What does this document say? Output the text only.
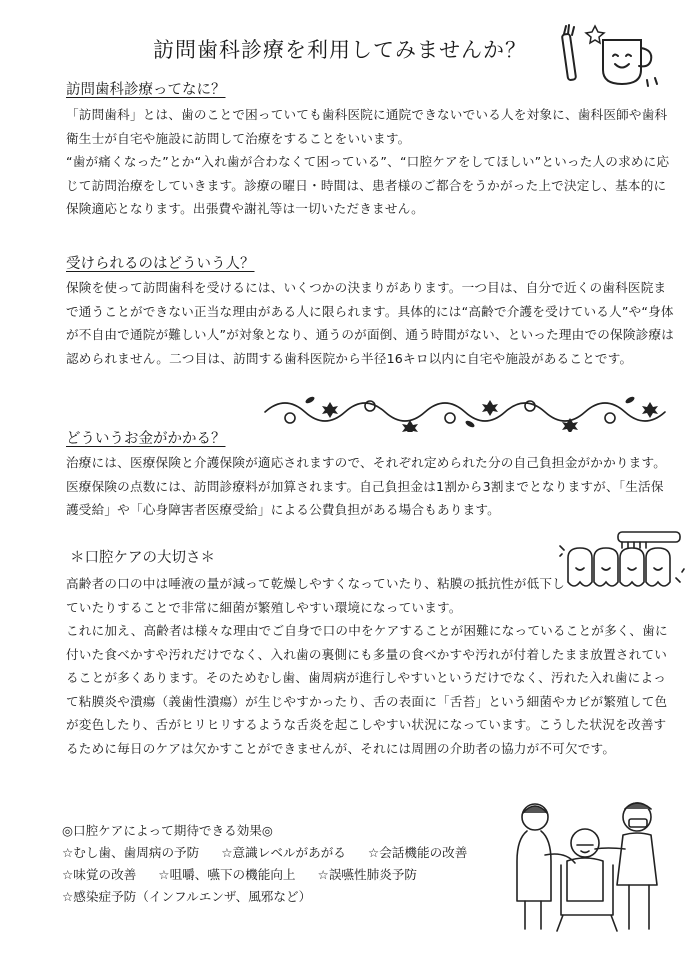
訪問歯科診療を利用してみませんか？
訪問歯科診療ってなに？

「訪問歯科」とは、歯のことで困っていても歯科医院に通院できないでいる人を対象に、歯科医師や歯科衛生士が自宅や施設に訪問して治療をすることをいいます。

“歯が痛くなった”とか“入れ歯が合わなくて困っている”、“口腔ケアをしてほしい”といった人の求めに応じて訪問治療をしていきます。診療の曜日・時間は、患者様のご都合をうかがった上で決定し、基本的に保険適応となります。出張費や謝礼等は一切いただきません。

受けられるのはどういう人？

保険を使って訪問歯科を受けるには、いくつかの決まりがあります。一つ目は、自分で近くの歯科医院まで通うことができない正当な理由がある人に限られます。具体的には“高齢で介護を受けている人”や“身体が不自由で通院が難しい人”が対象となり、通うのが面倒、通う時間がない、といった理由での保険診療は認められません。二つ目は、訪問する歯科医院から半径16キロ以内に自宅や施設があることです。

どういうお金がかかる？

治療には、医療保険と介護保険が適応されますので、それぞれ定められた分の自己負担金がかかります。医療保険の点数には、訪問診療料が加算されます。自己負担金は1割から3割までとなりますが、「生活保護受給」や「心身障害者医療受給」による公費負担がある場合もあります。

＊口腔ケアの大切さ＊

高齢者の口の中は唾液の量が減って乾燥しやすくなっていたり、粘膜の抵抗性が低下していたりすることで非常に細菌が繁殖しやすい環境になっています。

これに加え、高齢者は様々な理由でご自身で口の中をケアすることが困難になっていることが多く、歯に付いた食べかすや汚れだけでなく、入れ歯の裏側にも多量の食べかすや汚れが付着したまま放置されていることが多くあります。そのためむし歯、歯周病が進行しやすいというだけでなく、汚れた入れ歯によって粘膜炎や潰瘍（義歯性潰瘍）が生じやすかったり、舌の表面に「舌苔」という細菌やカビが繁殖して色が変色したり、舌がヒリヒリするような舌炎を起こしやすい状況になっています。こうした状況を改善するために毎日のケアは欠かすことができませんが、それには周囲の介助者の協力が不可欠です。

◎口腔ケアによって期待できる効果◎
☆むし歯、歯周病の予防 ☆意識レベルがあがる ☆会話機能の改善
☆味覚の改善 ☆咀嚼、嚥下の機能向上 ☆誤嚥性肺炎予防
☆感染症予防（インフルエンザ、風邪など）
